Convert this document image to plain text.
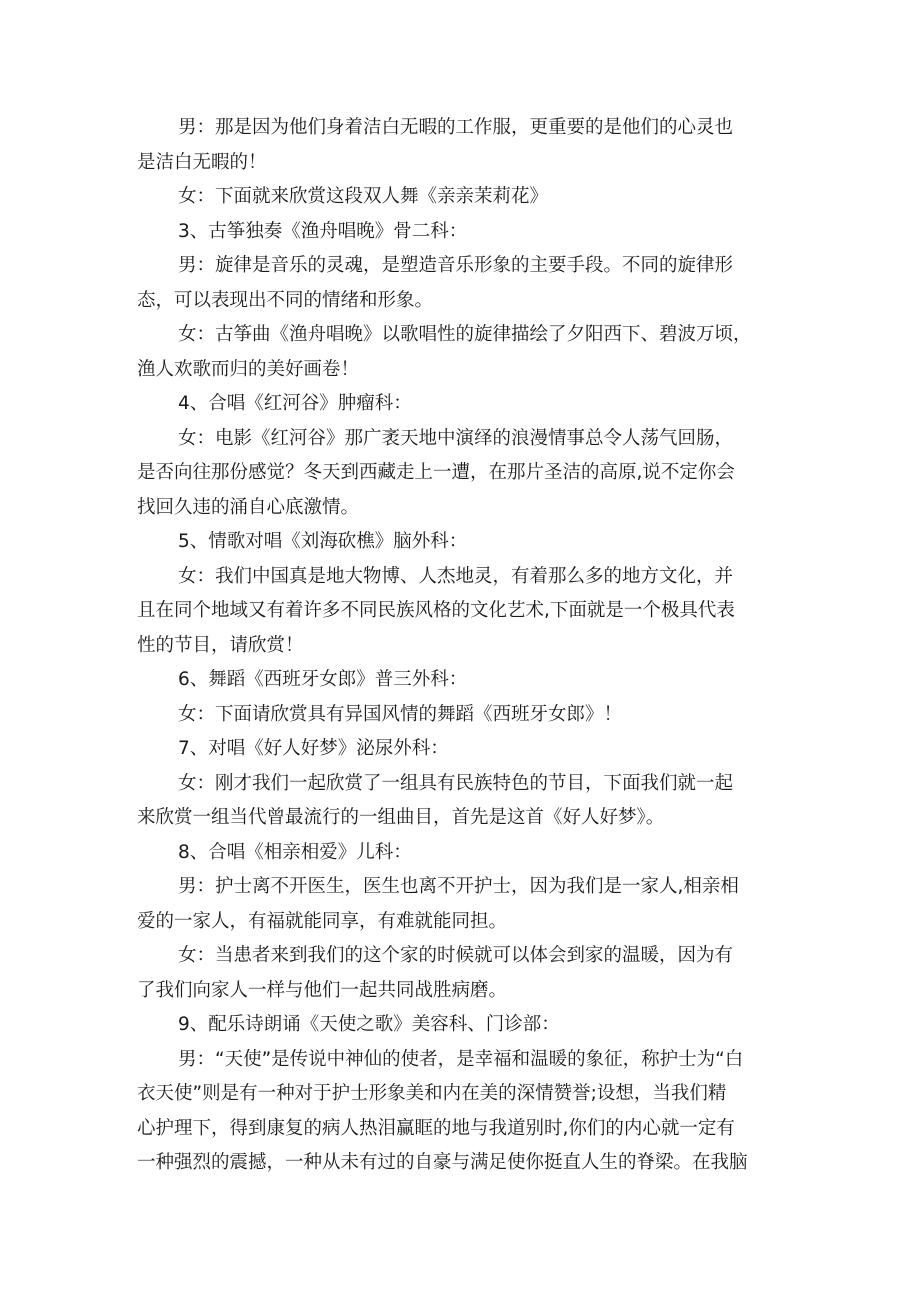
男：那是因为他们身着洁白无暇的工作服，更重要的是他们的心灵也
是洁白无暇的！
女：下面就来欣赏这段双人舞《亲亲茉莉花》
3、古筝独奏《渔舟唱晚》骨二科：
男：旋律是音乐的灵魂，是塑造音乐形象的主要手段。不同的旋律形
态，可以表现出不同的情绪和形象。
女：古筝曲《渔舟唱晚》以歌唱性的旋律描绘了夕阳西下、碧波万顷，
渔人欢歌而归的美好画卷！
4、合唱《红河谷》肿瘤科：
女：电影《红河谷》那广袤天地中演绎的浪漫情事总令人荡气回肠，
是否向往那份感觉？冬天到西藏走上一遭，在那片圣洁的高原,说不定你会
找回久违的涌自心底激情。
5、情歌对唱《刘海砍樵》脑外科：
女：我们中国真是地大物博、人杰地灵，有着那么多的地方文化，并
且在同个地域又有着许多不同民族风格的文化艺术,下面就是一个极具代表
性的节目，请欣赏！
6、舞蹈《西班牙女郎》普三外科：
女：下面请欣赏具有异国风情的舞蹈《西班牙女郎》！
7、对唱《好人好梦》泌尿外科：
女：刚才我们一起欣赏了一组具有民族特色的节目，下面我们就一起
来欣赏一组当代曾最流行的一组曲目，首先是这首《好人好梦》。
8、合唱《相亲相爱》儿科：
男：护士离不开医生，医生也离不开护士，因为我们是一家人,相亲相
爱的一家人，有福就能同享，有难就能同担。
女：当患者来到我们的这个家的时候就可以体会到家的温暖，因为有
了我们向家人一样与他们一起共同战胜病磨。
9、配乐诗朗诵《天使之歌》美容科、门诊部：
男：“天使”是传说中神仙的使者，是幸福和温暖的象征，称护士为“白
衣天使”则是有一种对于护士形象美和内在美的深情赞誉;设想，当我们精
心护理下，得到康复的病人热泪赢眶的地与我道别时,你们的内心就一定有
一种强烈的震撼，一种从未有过的自豪与满足使你挺直人生的脊梁。在我脑
